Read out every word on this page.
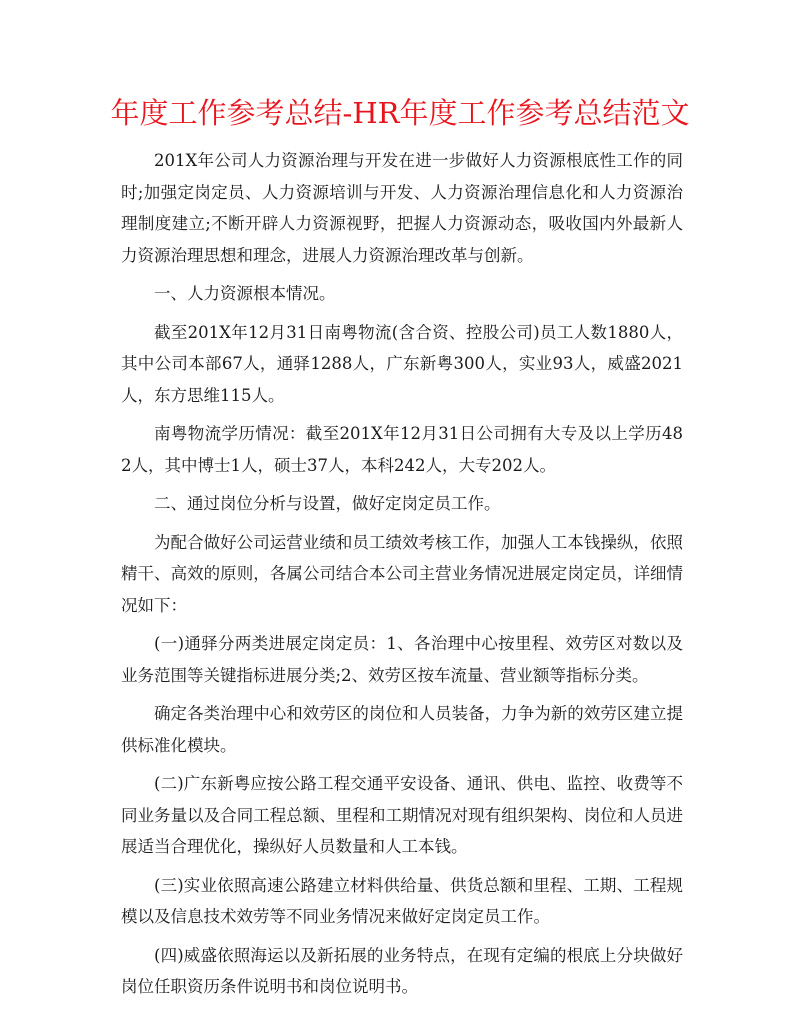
年度工作参考总结-HR年度工作参考总结范文

201X年公司人力资源治理与开发在进一步做好人力资源根底性工作的同时;加强定岗定员、人力资源培训与开发、人力资源治理信息化和人力资源治理制度建立;不断开辟人力资源视野，把握人力资源动态，吸收国内外最新人力资源治理思想和理念，进展人力资源治理改革与创新。

一、人力资源根本情况。

截至201X年12月31日南粤物流(含合资、控股公司)员工人数1880人，其中公司本部67人，通驿1288人，广东新粤300人，实业93人，威盛2021人，东方思维115人。

南粤物流学历情况：截至201X年12月31日公司拥有大专及以上学历482人，其中博士1人，硕士37人，本科242人，大专202人。

二、通过岗位分析与设置，做好定岗定员工作。

为配合做好公司运营业绩和员工绩效考核工作，加强人工本钱操纵，依照精干、高效的原则，各属公司结合本公司主营业务情况进展定岗定员，详细情况如下：

(一)通驿分两类进展定岗定员：1、各治理中心按里程、效劳区对数以及业务范围等关键指标进展分类;2、效劳区按车流量、营业额等指标分类。

确定各类治理中心和效劳区的岗位和人员装备，力争为新的效劳区建立提供标准化模块。

(二)广东新粤应按公路工程交通平安设备、通讯、供电、监控、收费等不同业务量以及合同工程总额、里程和工期情况对现有组织架构、岗位和人员进展适当合理优化，操纵好人员数量和人工本钱。

(三)实业依照高速公路建立材料供给量、供货总额和里程、工期、工程规模以及信息技术效劳等不同业务情况来做好定岗定员工作。

(四)威盛依照海运以及新拓展的业务特点，在现有定编的根底上分块做好岗位任职资历条件说明书和岗位说明书。
